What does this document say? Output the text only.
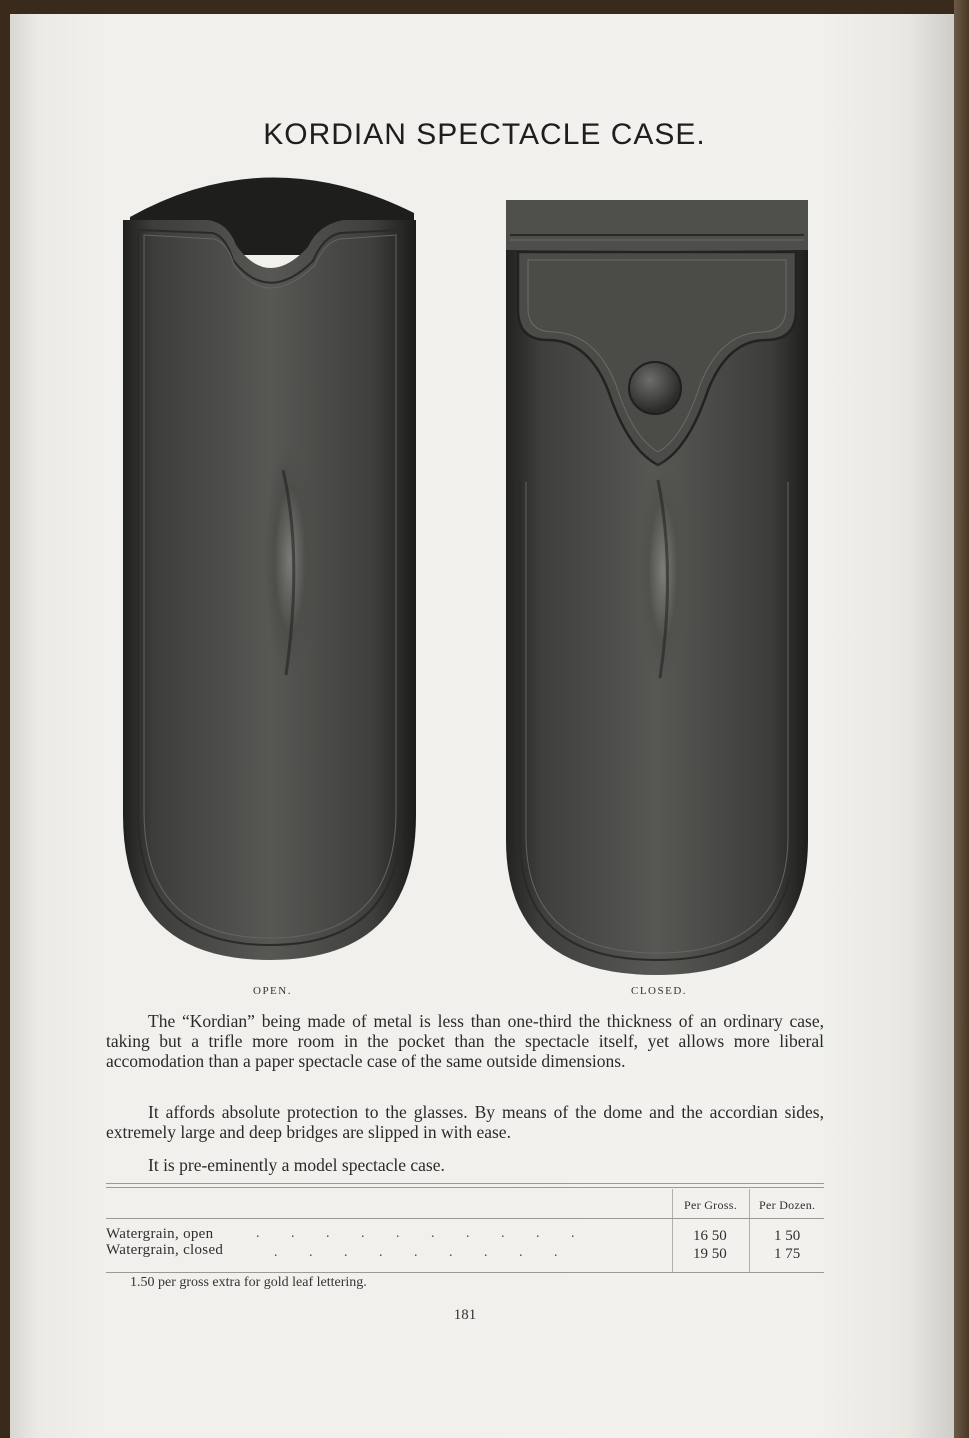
KORDIAN SPECTACLE CASE.
OPEN.	CLOSED.

The “Kordian” being made of metal is less than one-third the thickness of an ordinary case, taking but a trifle more room in the pocket than the spectacle itself, yet allows more liberal accomodation than a paper spectacle case of the same outside dimensions.

It affords absolute protection to the glasses. By means of the dome and the accordian sides, extremely large and deep bridges are slipped in with ease.

It is pre-eminently a model spectacle case.

Per Gross. Per Dozen.
Watergrain, open	.         .         .         .         .         .         .         .         .         .	16 50	1 50
Watergrain, closed	.         .         .         .         .         .         .         .         .	19 50	1 75
1.50 per gross extra for gold leaf lettering.
181
